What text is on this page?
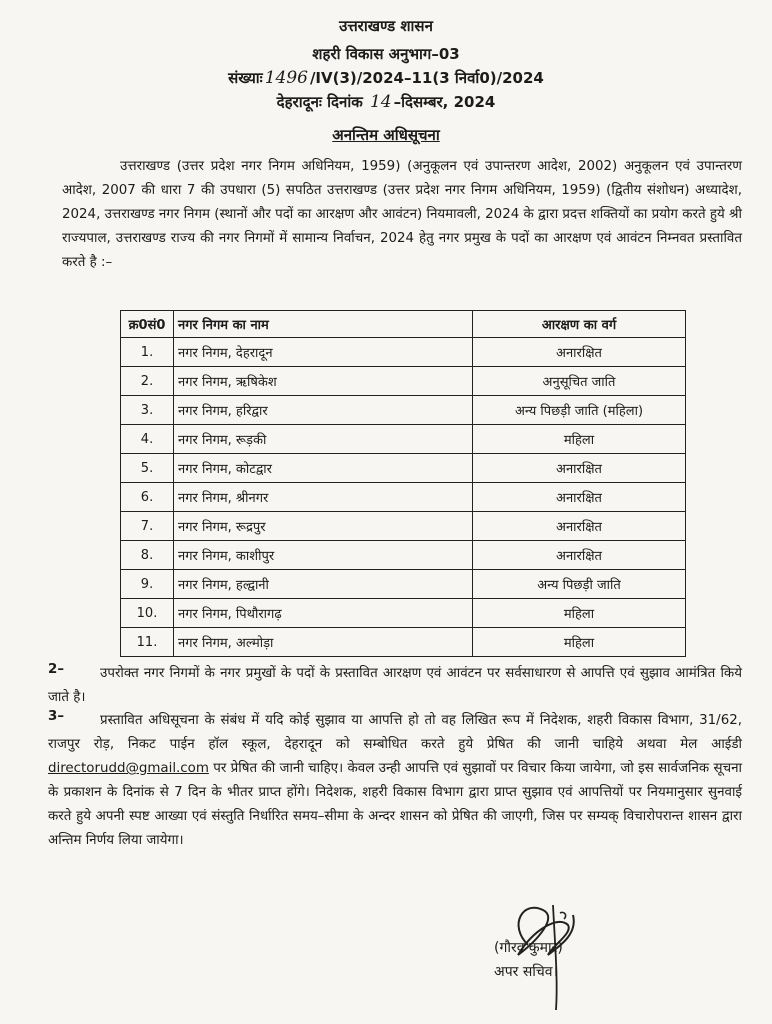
उत्तराखण्ड शासन
शहरी विकास अनुभाग–03
संख्याः 1496 /IV(3)/2024–11(3 निर्वा0)/2024
देहरादूनः दिनांक 14 –दिसम्बर, 2024
अनन्तिम अधिसूचना
उत्तराखण्ड (उत्तर प्रदेश नगर निगम अधिनियम, 1959) (अनुकूलन एवं उपान्तरण आदेश, 2002) अनुकूलन एवं उपान्तरण आदेश, 2007 की धारा 7 की उपधारा (5) सपठित उत्तराखण्ड (उत्तर प्रदेश नगर निगम अधिनियम, 1959) (द्वितीय संशोधन) अध्यादेश, 2024, उत्तराखण्ड नगर निगम (स्थानों और पदों का आरक्षण और आवंटन) नियमावली, 2024 के द्वारा प्रदत्त शक्तियों का प्रयोग करते हुये श्री राज्यपाल, उत्तराखण्ड राज्य की नगर निगमों में सामान्य निर्वाचन, 2024 हेतु नगर प्रमुख के पदों का आरक्षण एवं आवंटन निम्नवत प्रस्तावित करते है :–
क्र0सं0	नगर निगम का नाम	आरक्षण का वर्ग
1.	नगर निगम, देहरादून	अनारक्षित
2.	नगर निगम, ऋषिकेश	अनुसूचित जाति
3.	नगर निगम, हरिद्वार	अन्य पिछड़ी जाति (महिला)
4.	नगर निगम, रूड़की	महिला
5.	नगर निगम, कोटद्वार	अनारक्षित
6.	नगर निगम, श्रीनगर	अनारक्षित
7.	नगर निगम, रूद्रपुर	अनारक्षित
8.	नगर निगम, काशीपुर	अनारक्षित
9.	नगर निगम, हल्द्वानी	अन्य पिछड़ी जाति
10.	नगर निगम, पिथौरागढ़	महिला
11.	नगर निगम, अल्मोड़ा	महिला
2–	उपरोक्त नगर निगमों के नगर प्रमुखों के पदों के प्रस्तावित आरक्षण एवं आवंटन पर सर्वसाधारण से आपत्ति एवं सुझाव आमंत्रित किये जाते है।
3–	प्रस्तावित अधिसूचना के संबंध में यदि कोई सुझाव या आपत्ति हो तो वह लिखित रूप में निदेशक, शहरी विकास विभाग, 31/62, राजपुर रोड़, निकट पाईन हॉल स्कूल, देहरादून को सम्बोधित करते हुये प्रेषित की जानी चाहिये अथवा मेल आईडी directorudd@gmail.com पर प्रेषित की जानी चाहिए। केवल उन्ही आपत्ति एवं सुझावों पर विचार किया जायेगा, जो इस सार्वजनिक सूचना के प्रकाशन के दिनांक से 7 दिन के भीतर प्राप्त होंगे। निदेशक, शहरी विकास विभाग द्वारा प्राप्त सुझाव एवं आपत्तियों पर नियमानुसार सुनवाई करते हुये अपनी स्पष्ट आख्या एवं संस्तुति निर्धारित समय–सीमा के अन्दर शासन को प्रेषित की जाएगी, जिस पर सम्यक् विचारोपरान्त शासन द्वारा अन्तिम निर्णय लिया जायेगा।
(गौरव कुमार)
अपर सचिव।
